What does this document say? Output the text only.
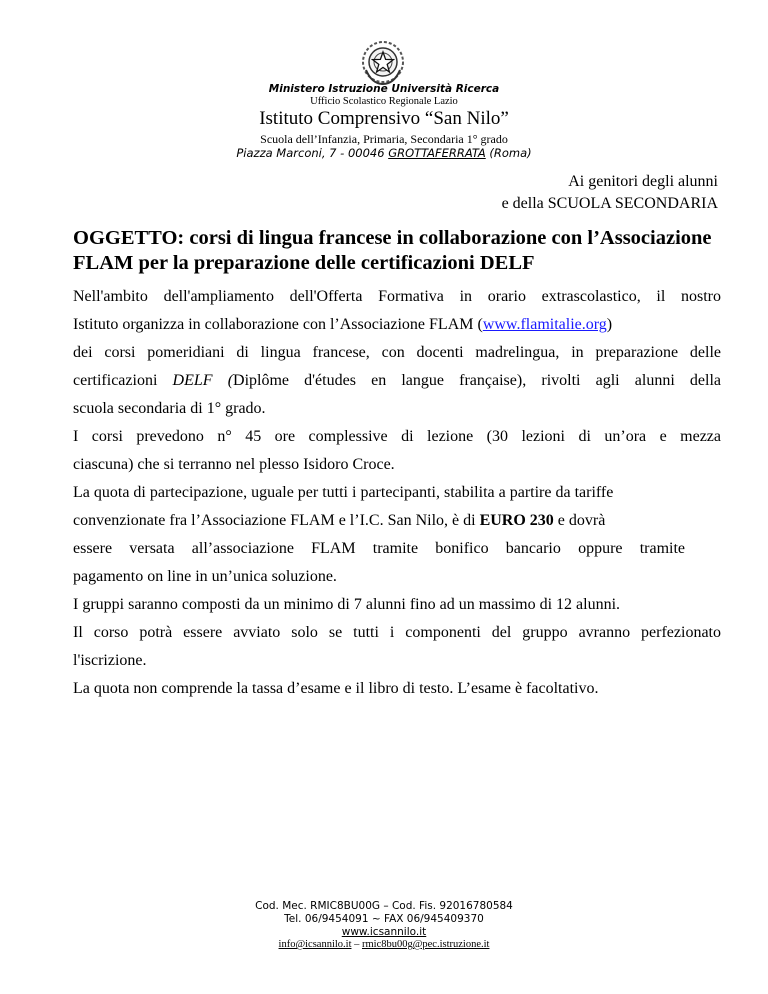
Ministero Istruzione Università Ricerca
Ufficio Scolastico Regionale Lazio
Istituto Comprensivo “San Nilo”
Scuola dell’Infanzia, Primaria, Secondaria 1° grado
Piazza Marconi, 7 - 00046 GROTTAFERRATA (Roma)
Ai genitori degli alunni
e della SCUOLA SECONDARIA
OGGETTO: corsi di lingua francese in collaborazione con l’Associazione FLAM per la preparazione delle certificazioni DELF
Nell'ambito dell'ampliamento dell'Offerta Formativa in orario extrascolastico, il nostro
Istituto organizza in collaborazione con l’Associazione FLAM (www.flamitalie.org)
dei corsi pomeridiani di lingua francese, con docenti madrelingua, in preparazione delle
certificazioni DELF (Diplôme d'études en langue française), rivolti agli alunni della
scuola secondaria di 1° grado.
I corsi prevedono n° 45 ore complessive di lezione (30 lezioni di un’ora e mezza
ciascuna) che si terranno nel plesso Isidoro Croce.
La quota di partecipazione, uguale per tutti i partecipanti, stabilita a partire da tariffe
convenzionate fra l’Associazione FLAM e l’I.C. San Nilo, è di EURO 230 e dovrà
essere versata all’associazione FLAM tramite bonifico bancario oppure tramite
pagamento on line in un’unica soluzione.
I gruppi saranno composti da un minimo di 7 alunni fino ad un massimo di 12 alunni.
Il corso potrà essere avviato solo se tutti i componenti del gruppo avranno perfezionato
l'iscrizione.
La quota non comprende la tassa d’esame e il libro di testo. L’esame è facoltativo.
Cod. Mec. RMIC8BU00G – Cod. Fis. 92016780584
Tel. 06/9454091 ~ FAX 06/945409370
www.icsannilo.it
info@icsannilo.it – rmic8bu00g@pec.istruzione.it
